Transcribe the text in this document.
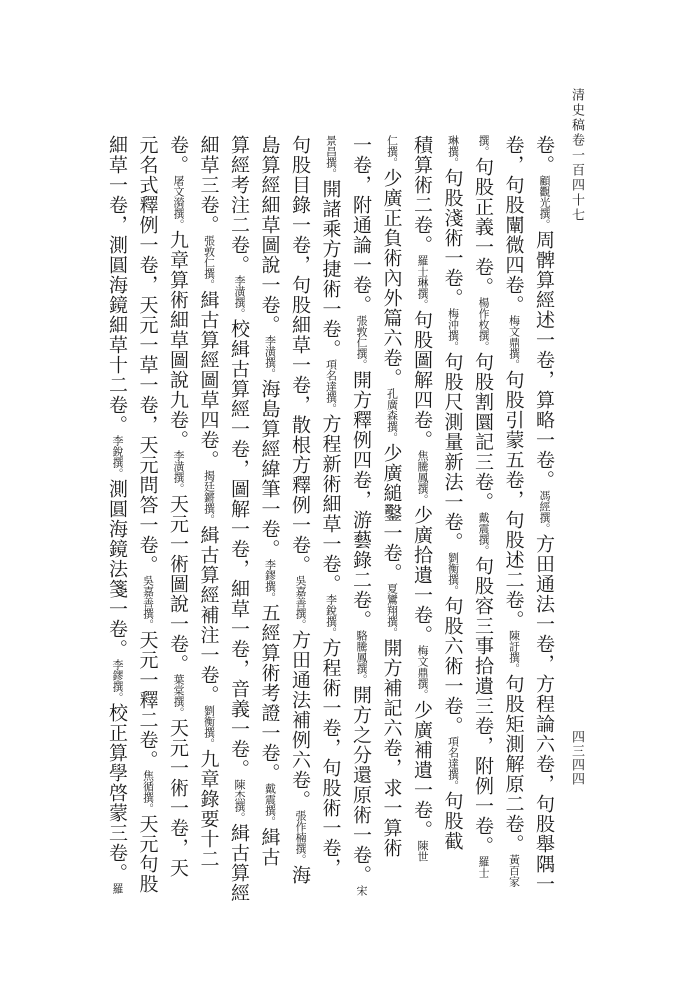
清史稿卷一百四十七
四三四四
卷。顧觀光撰。周髀算經述一卷，算略一卷。馮經撰。方田通法一卷，方程論六卷，句股舉隅一
卷，句股闡微四卷。梅文鼎撰。句股引蒙五卷，句股述二卷。陳訏撰。句股矩測解原二卷。黃百家
撰。句股正義一卷。楊作枚撰。句股割圜記三卷。戴震撰。句股容三事拾遺三卷，附例一卷。羅士
琳撰。句股淺術一卷。梅沖撰。句股尺測量新法一卷。劉衡撰。句股六術一卷。項名達撰。句股截
積算術二卷。羅士琳撰。句股圖解四卷。焦騰鳳撰。少廣拾遺一卷。梅文鼎撰。少廣補遺一卷。陳世
仁撰。少廣正負術內外篇六卷。孔廣森撰。少廣縋鑿一卷。夏鸞翔撰。開方補記六卷，求一算術
一卷，附通論一卷。張敦仁撰。開方釋例四卷，游藝錄二卷。駱騰鳳撰。開方之分還原術一卷。宋
景昌撰。開諸乘方捷術一卷。項名達撰。方程新術細草一卷。李銳撰。方程術一卷，句股術一卷，
句股目錄一卷，句股細草一卷，散根方釋例一卷。吳嘉善撰。方田通法補例六卷。張作楠撰。海
島算經細草圖說一卷。李潢撰。海島算經緯筆一卷。李鏐撰。五經算術考證一卷。戴震撰。緝古
算經考注二卷。李潢撰。校緝古算經一卷，圖解一卷，細草一卷，音義一卷。陳杰撰。緝古算經
細草三卷。張敦仁撰。緝古算經圖草四卷。揭廷鏘撰。緝古算經補注一卷。劉衡撰。九章錄要十二
卷。屠文漪撰。九章算術細草圖說九卷。李潢撰。天元一術圖說一卷。葉棠撰。天元一術一卷，天
元名式釋例一卷，天元一草一卷，天元問答一卷。吳嘉善撰。天元一釋二卷。焦循撰。天元句股
細草一卷，測圓海鏡細草十二卷。李銳撰。測圓海鏡法箋一卷。李鏐撰。校正算學啓蒙三卷。羅
